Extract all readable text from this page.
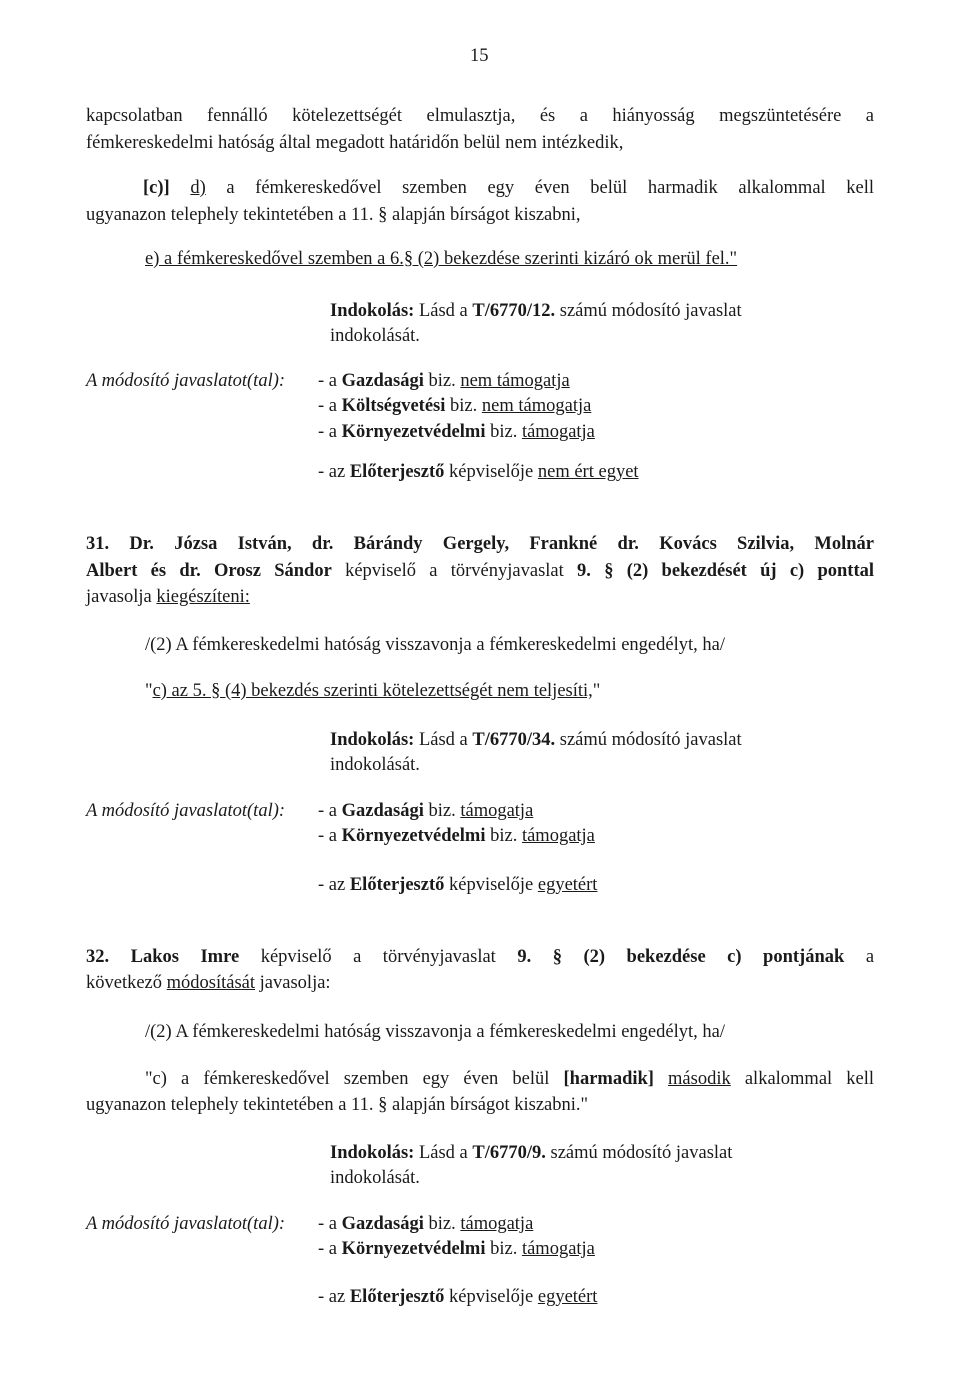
15
kapcsolatban fennálló kötelezettségét elmulasztja, és a hiányosság megszüntetésére a
fémkereskedelmi hatóság által megadott határidőn belül nem intézkedik,
[c)] d) a fémkereskedővel szemben egy éven belül harmadik alkalommal kell
ugyanazon telephely tekintetében a 11. § alapján bírságot kiszabni,
e) a fémkereskedővel szemben a 6.§ (2) bekezdése szerinti kizáró ok merül fel."
Indokolás: Lásd a T/6770/12. számú módosító javaslat
indokolását.
A módosító javaslatot(tal): - a Gazdasági biz. nem támogatja
- a Költségvetési biz. nem támogatja
- a Környezetvédelmi biz. támogatja
- az Előterjesztő képviselője nem ért egyet
31. Dr. Józsa István, dr. Bárándy Gergely, Frankné dr. Kovács Szilvia, Molnár
Albert és dr. Orosz Sándor képviselő a törvényjavaslat 9. § (2) bekezdését új c) ponttal
javasolja kiegészíteni:
/(2) A fémkereskedelmi hatóság visszavonja a fémkereskedelmi engedélyt, ha/
"c) az 5. § (4) bekezdés szerinti kötelezettségét nem teljesíti,"
Indokolás: Lásd a T/6770/34. számú módosító javaslat
indokolását.
A módosító javaslatot(tal): - a Gazdasági biz. támogatja
- a Környezetvédelmi biz. támogatja
- az Előterjesztő képviselője egyetért
32. Lakos Imre képviselő a törvényjavaslat 9. § (2) bekezdése c) pontjának a
következő módosítását javasolja:
/(2) A fémkereskedelmi hatóság visszavonja a fémkereskedelmi engedélyt, ha/
"c) a fémkereskedővel szemben egy éven belül [harmadik] második alkalommal kell
ugyanazon telephely tekintetében a 11. § alapján bírságot kiszabni."
Indokolás: Lásd a T/6770/9. számú módosító javaslat
indokolását.
A módosító javaslatot(tal): - a Gazdasági biz. támogatja
- a Környezetvédelmi biz. támogatja
- az Előterjesztő képviselője egyetért
